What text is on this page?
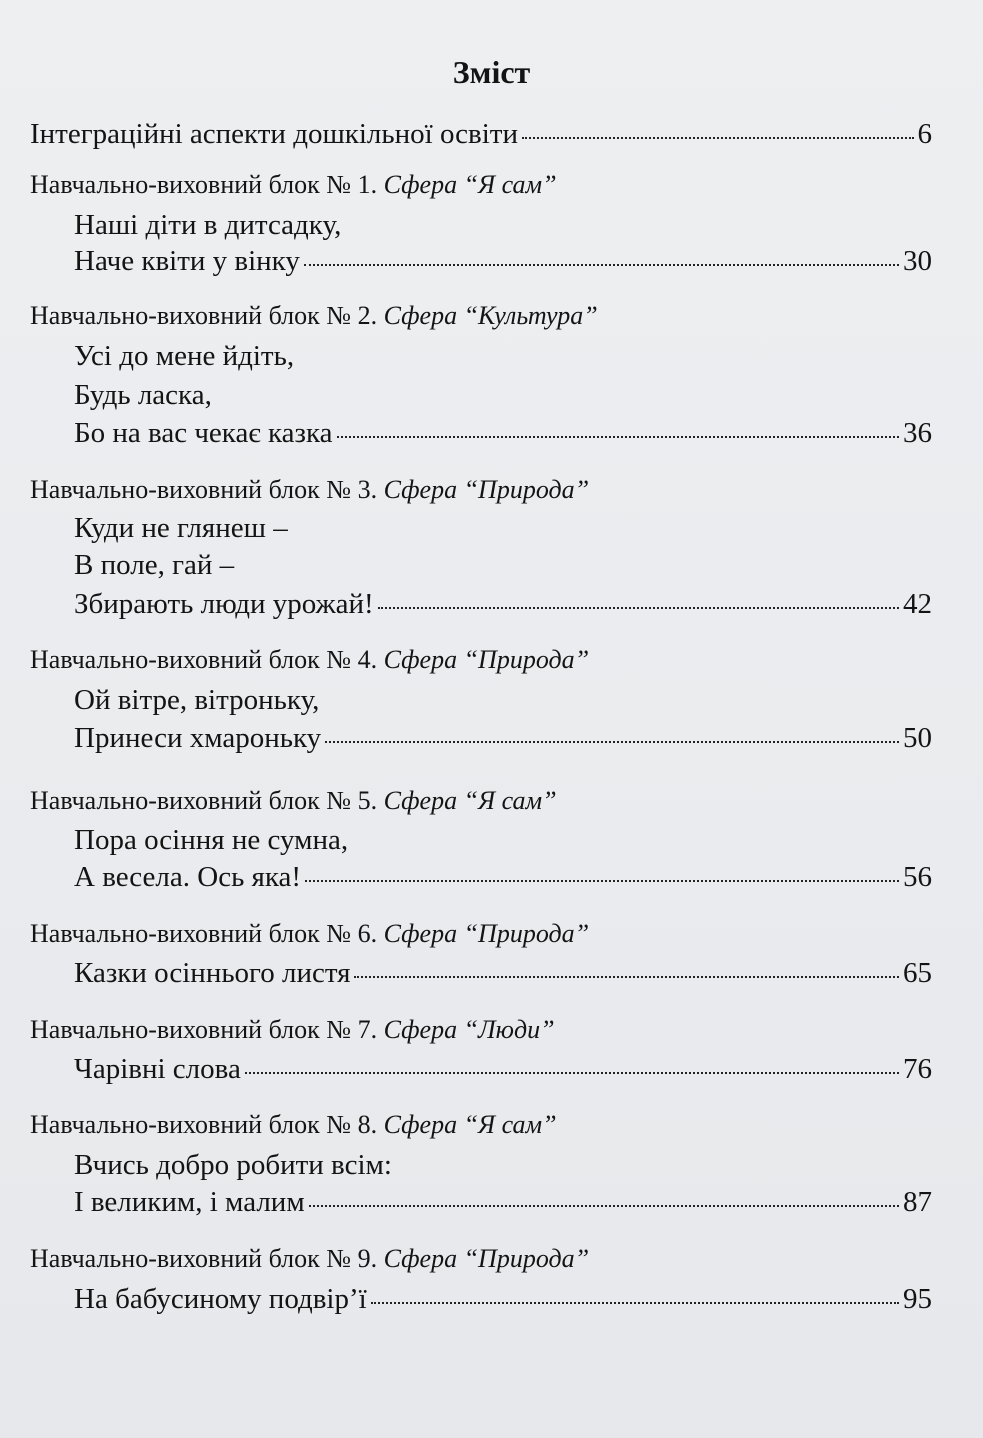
Зміст
Інтеграційні аспекти дошкільної освіти	6
Навчально-виховний блок № 1.
Сфера “Я сам”
Наші діти в дитсадку,
Наче квіти у вінку	30
Навчально-виховний блок № 2.
Сфера “Культура”
Усі до мене йдіть,
Будь ласка,
Бо на вас чекає казка	36
Навчально-виховний блок № 3.
Сфера “Природа”
Куди не глянеш –
В поле, гай –
Збирають люди урожай!	42
Навчально-виховний блок № 4.
Сфера “Природа”
Ой вітре, вітроньку,
Принеси хмароньку	50
Навчально-виховний блок № 5.
Сфера “Я сам”
Пора осіння не сумна,
А весела. Ось яка!	56
Навчально-виховний блок № 6.
Сфера “Природа”
Казки осіннього листя	65
Навчально-виховний блок № 7.
Сфера “Люди”
Чарівні слова	76
Навчально-виховний блок № 8.
Сфера “Я сам”
Вчись добро робити всім:
І великим, і малим	87
Навчально-виховний блок № 9.
Сфера “Природа”
На бабусиному подвір’ї	95
